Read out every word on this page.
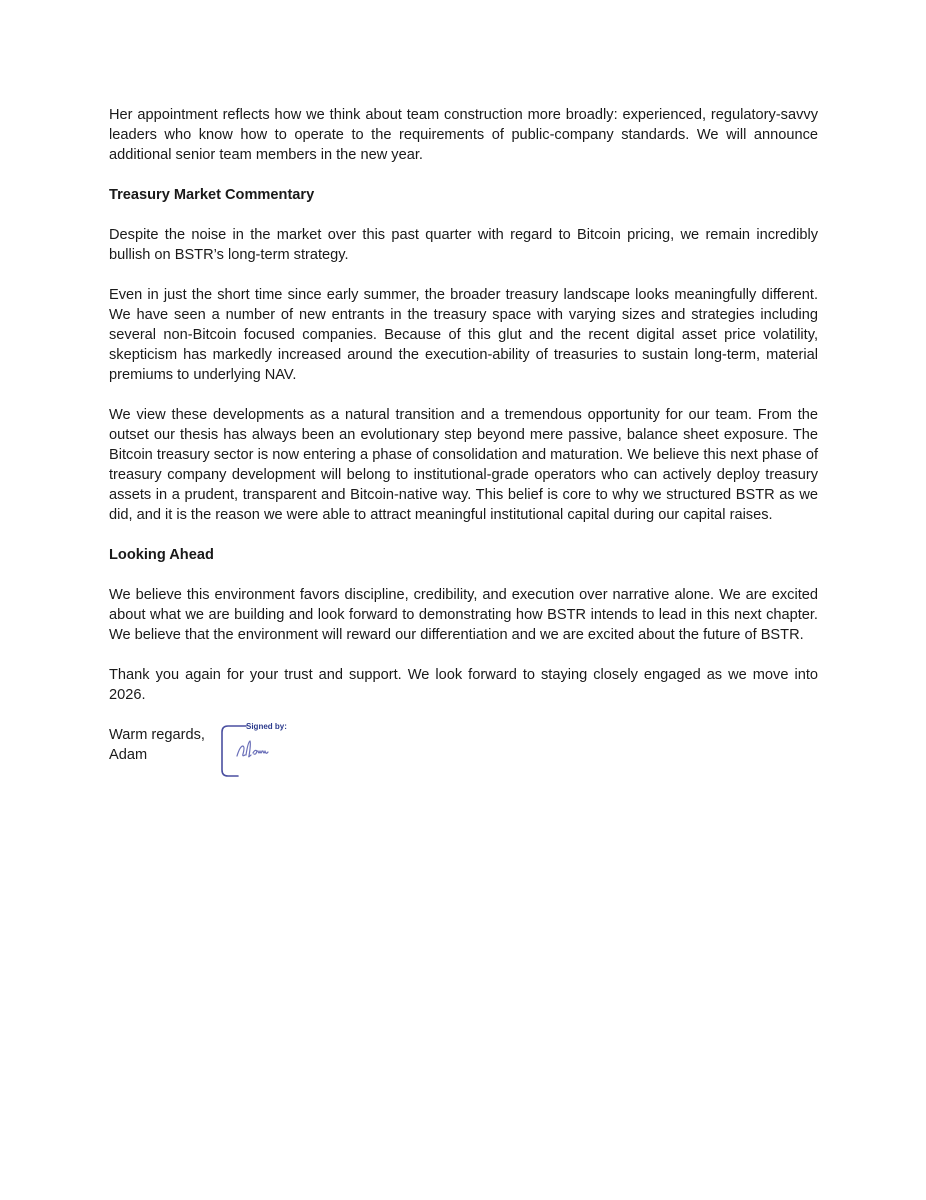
Her appointment reflects how we think about team construction more broadly: experienced, regulatory-savvy leaders who know how to operate to the requirements of public-company standards. We will announce additional senior team members in the new year.

Treasury Market Commentary

Despite the noise in the market over this past quarter with regard to Bitcoin pricing, we remain incredibly bullish on BSTR’s long-term strategy.

Even in just the short time since early summer, the broader treasury landscape looks meaningfully different. We have seen a number of new entrants in the treasury space with varying sizes and strategies including several non-Bitcoin focused companies. Because of this glut and the recent digital asset price volatility, skepticism has markedly increased around the execution-ability of treasuries to sustain long-term, material premiums to underlying NAV.

We view these developments as a natural transition and a tremendous opportunity for our team. From the outset our thesis has always been an evolutionary step beyond mere passive, balance sheet exposure. The Bitcoin treasury sector is now entering a phase of consolidation and maturation. We believe this next phase of treasury company development will belong to institutional-grade operators who can actively deploy treasury assets in a prudent, transparent and Bitcoin-native way. This belief is core to why we structured BSTR as we did, and it is the reason we were able to attract meaningful institutional capital during our capital raises.

Looking Ahead

We believe this environment favors discipline, credibility, and execution over narrative alone. We are excited about what we are building and look forward to demonstrating how BSTR intends to lead in this next chapter. We believe that the environment will reward our differentiation and we are excited about the future of BSTR.

Thank you again for your trust and support. We look forward to staying closely engaged as we move into 2026.

Warm regards,
Adam
Signed by:
